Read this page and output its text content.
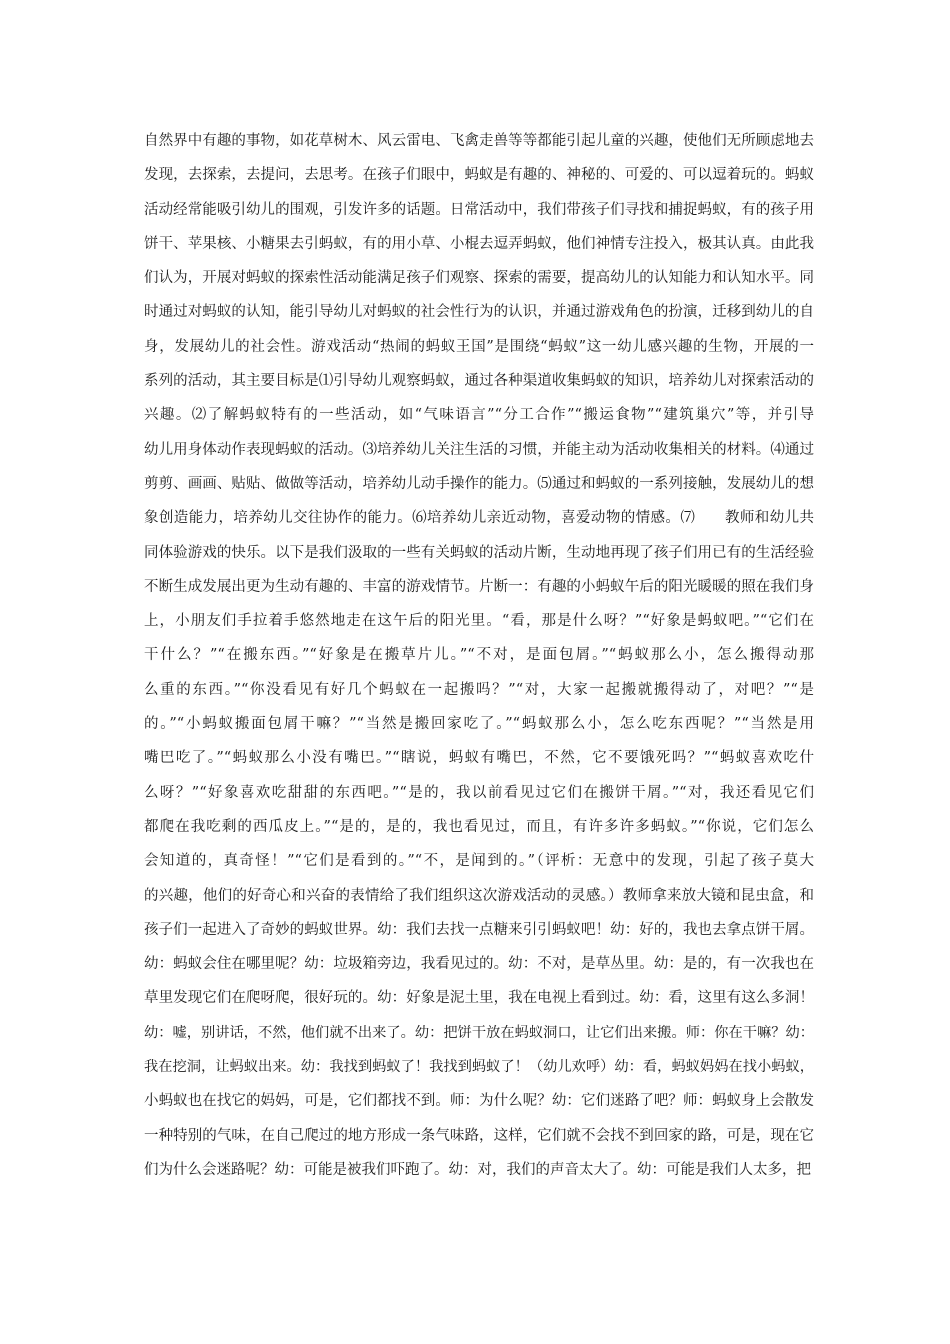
自然界中有趣的事物，如花草树木、风云雷电、飞禽走兽等等都能引起儿童的兴趣，使他们无所顾虑地去
发现，去探索，去提问，去思考。在孩子们眼中，蚂蚁是有趣的、神秘的、可爱的、可以逗着玩的。蚂蚁
活动经常能吸引幼儿的围观，引发许多的话题。日常活动中，我们带孩子们寻找和捕捉蚂蚁，有的孩子用
饼干、苹果核、小糖果去引蚂蚁，有的用小草、小棍去逗弄蚂蚁，他们神情专注投入，极其认真。由此我
们认为，开展对蚂蚁的探索性活动能满足孩子们观察、探索的需要，提高幼儿的认知能力和认知水平。同
时通过对蚂蚁的认知，能引导幼儿对蚂蚁的社会性行为的认识，并通过游戏角色的扮演，迁移到幼儿的自
身，发展幼儿的社会性。游戏活动“热闹的蚂蚁王国”是围绕“蚂蚁”这一幼儿感兴趣的生物，开展的一
系列的活动，其主要目标是⑴引导幼儿观察蚂蚁，通过各种渠道收集蚂蚁的知识，培养幼儿对探索活动的
兴趣。⑵了解蚂蚁特有的一些活动，如“气味语言”“分工合作”“搬运食物”“建筑巢穴”等，并引导
幼儿用身体动作表现蚂蚁的活动。⑶培养幼儿关注生活的习惯，并能主动为活动收集相关的材料。⑷通过
剪剪、画画、贴贴、做做等活动，培养幼儿动手操作的能力。⑸通过和蚂蚁的一系列接触，发展幼儿的想
象创造能力，培养幼儿交往协作的能力。⑹培养幼儿亲近动物，喜爱动物的情感。⑺　　教师和幼儿共
同体验游戏的快乐。以下是我们汲取的一些有关蚂蚁的活动片断，生动地再现了孩子们用已有的生活经验
不断生成发展出更为生动有趣的、丰富的游戏情节。片断一：有趣的小蚂蚁午后的阳光暖暖的照在我们身
上，小朋友们手拉着手悠然地走在这午后的阳光里。“看，那是什么呀？”“好象是蚂蚁吧。”“它们在
干什么？”“在搬东西。”“好象是在搬草片儿。”“不对，是面包屑。”“蚂蚁那么小，怎么搬得动那
么重的东西。”“你没看见有好几个蚂蚁在一起搬吗？”“对，大家一起搬就搬得动了，对吧？”“是
的。”“小蚂蚁搬面包屑干嘛？”“当然是搬回家吃了。”“蚂蚁那么小，怎么吃东西呢？”“当然是用
嘴巴吃了。”“蚂蚁那么小没有嘴巴。”“瞎说，蚂蚁有嘴巴，不然，它不要饿死吗？”“蚂蚁喜欢吃什
么呀？”“好象喜欢吃甜甜的东西吧。”“是的，我以前看见过它们在搬饼干屑。”“对，我还看见它们
都爬在我吃剩的西瓜皮上。”“是的，是的，我也看见过，而且，有许多许多蚂蚁。”“你说，它们怎么
会知道的，真奇怪！”“它们是看到的。”“不，是闻到的。”（评析：无意中的发现，引起了孩子莫大
的兴趣，他们的好奇心和兴奋的表情给了我们组织这次游戏活动的灵感。）教师拿来放大镜和昆虫盒，和
孩子们一起进入了奇妙的蚂蚁世界。幼：我们去找一点糖来引引蚂蚁吧！幼：好的，我也去拿点饼干屑。
幼：蚂蚁会住在哪里呢？幼：垃圾箱旁边，我看见过的。幼：不对，是草丛里。幼：是的，有一次我也在
草里发现它们在爬呀爬，很好玩的。幼：好象是泥土里，我在电视上看到过。幼：看，这里有这么多洞！
幼：嘘，别讲话，不然，他们就不出来了。幼：把饼干放在蚂蚁洞口，让它们出来搬。师：你在干嘛？幼：
我在挖洞，让蚂蚁出来。幼：我找到蚂蚁了！我找到蚂蚁了！（幼儿欢呼）幼：看，蚂蚁妈妈在找小蚂蚁，
小蚂蚁也在找它的妈妈，可是，它们都找不到。师：为什么呢？幼：它们迷路了吧？师：蚂蚁身上会散发
一种特别的气味，在自己爬过的地方形成一条气味路，这样，它们就不会找不到回家的路，可是，现在它
们为什么会迷路呢？幼：可能是被我们吓跑了。幼：对，我们的声音太大了。幼：可能是我们人太多，把
